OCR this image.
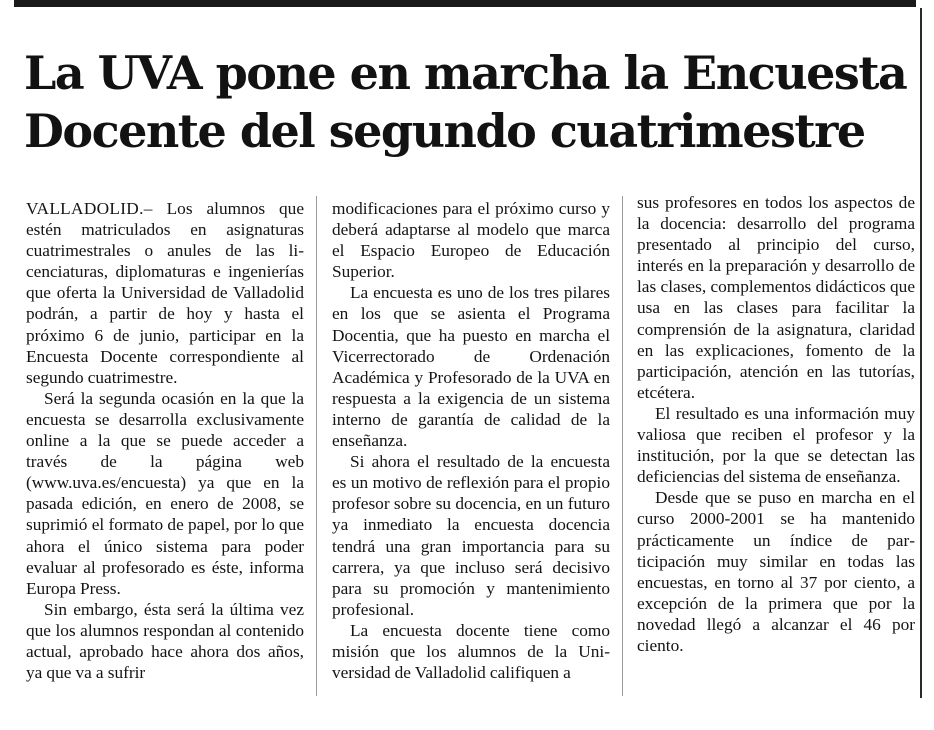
La UVA pone en marcha la Encuesta
Docente del segundo cuatrimestre

VALLADOLID.– Los alumnos que estén matriculados en asignaturas cuatrimestrales o anules de las licenciaturas, diplomaturas e ingenierías que oferta la Universidad de Valladolid podrán, a partir de hoy y hasta el próximo 6 de junio, participar en la Encuesta Docente correspondiente al segundo cuatrimestre.

Será la segunda ocasión en la que la encuesta se desarrolla exclusivamente online a la que se puede acceder a través de la página web (www.uva.es/encuesta) ya que en la pasada edición, en enero de 2008, se suprimió el formato de papel, por lo que ahora el único sistema para poder evaluar al profesorado es éste, informa Europa Press.

Sin embargo, ésta será la última vez que los alumnos respondan al contenido actual, aprobado hace ahora dos años, ya que va a sufrir

modificaciones para el próximo curso y deberá adaptarse al modelo que marca el Espacio Europeo de Educación Superior.

La encuesta es uno de los tres pilares en los que se asienta el Programa Docentia, que ha puesto en marcha el Vicerrectorado de Ordenación Académica y Profesorado de la UVA en respuesta a la exigencia de un sistema interno de garantía de calidad de la enseñanza.

Si ahora el resultado de la encuesta es un motivo de reflexión para el propio profesor sobre su docencia, en un futuro ya inmediato la encuesta docencia tendrá una gran importancia para su carrera, ya que incluso será decisivo para su promoción y mantenimiento profesional.

La encuesta docente tiene como misión que los alumnos de la Universidad de Valladolid califiquen a

sus profesores en todos los aspectos de la docencia: desarrollo del programa presentado al principio del curso, interés en la preparación y desarrollo de las clases, complementos didácticos que usa en las clases para facilitar la comprensión de la asignatura, claridad en las explicaciones, fomento de la participación, atención en las tutorías, etcétera.

El resultado es una información muy valiosa que reciben el profesor y la institución, por la que se detectan las deficiencias del sistema de enseñanza.

Desde que se puso en marcha en el curso 2000-2001 se ha mantenido prácticamente un índice de participación muy similar en todas las encuestas, en torno al 37 por ciento, a excepción de la primera que por la novedad llegó a alcanzar el 46 por ciento.
